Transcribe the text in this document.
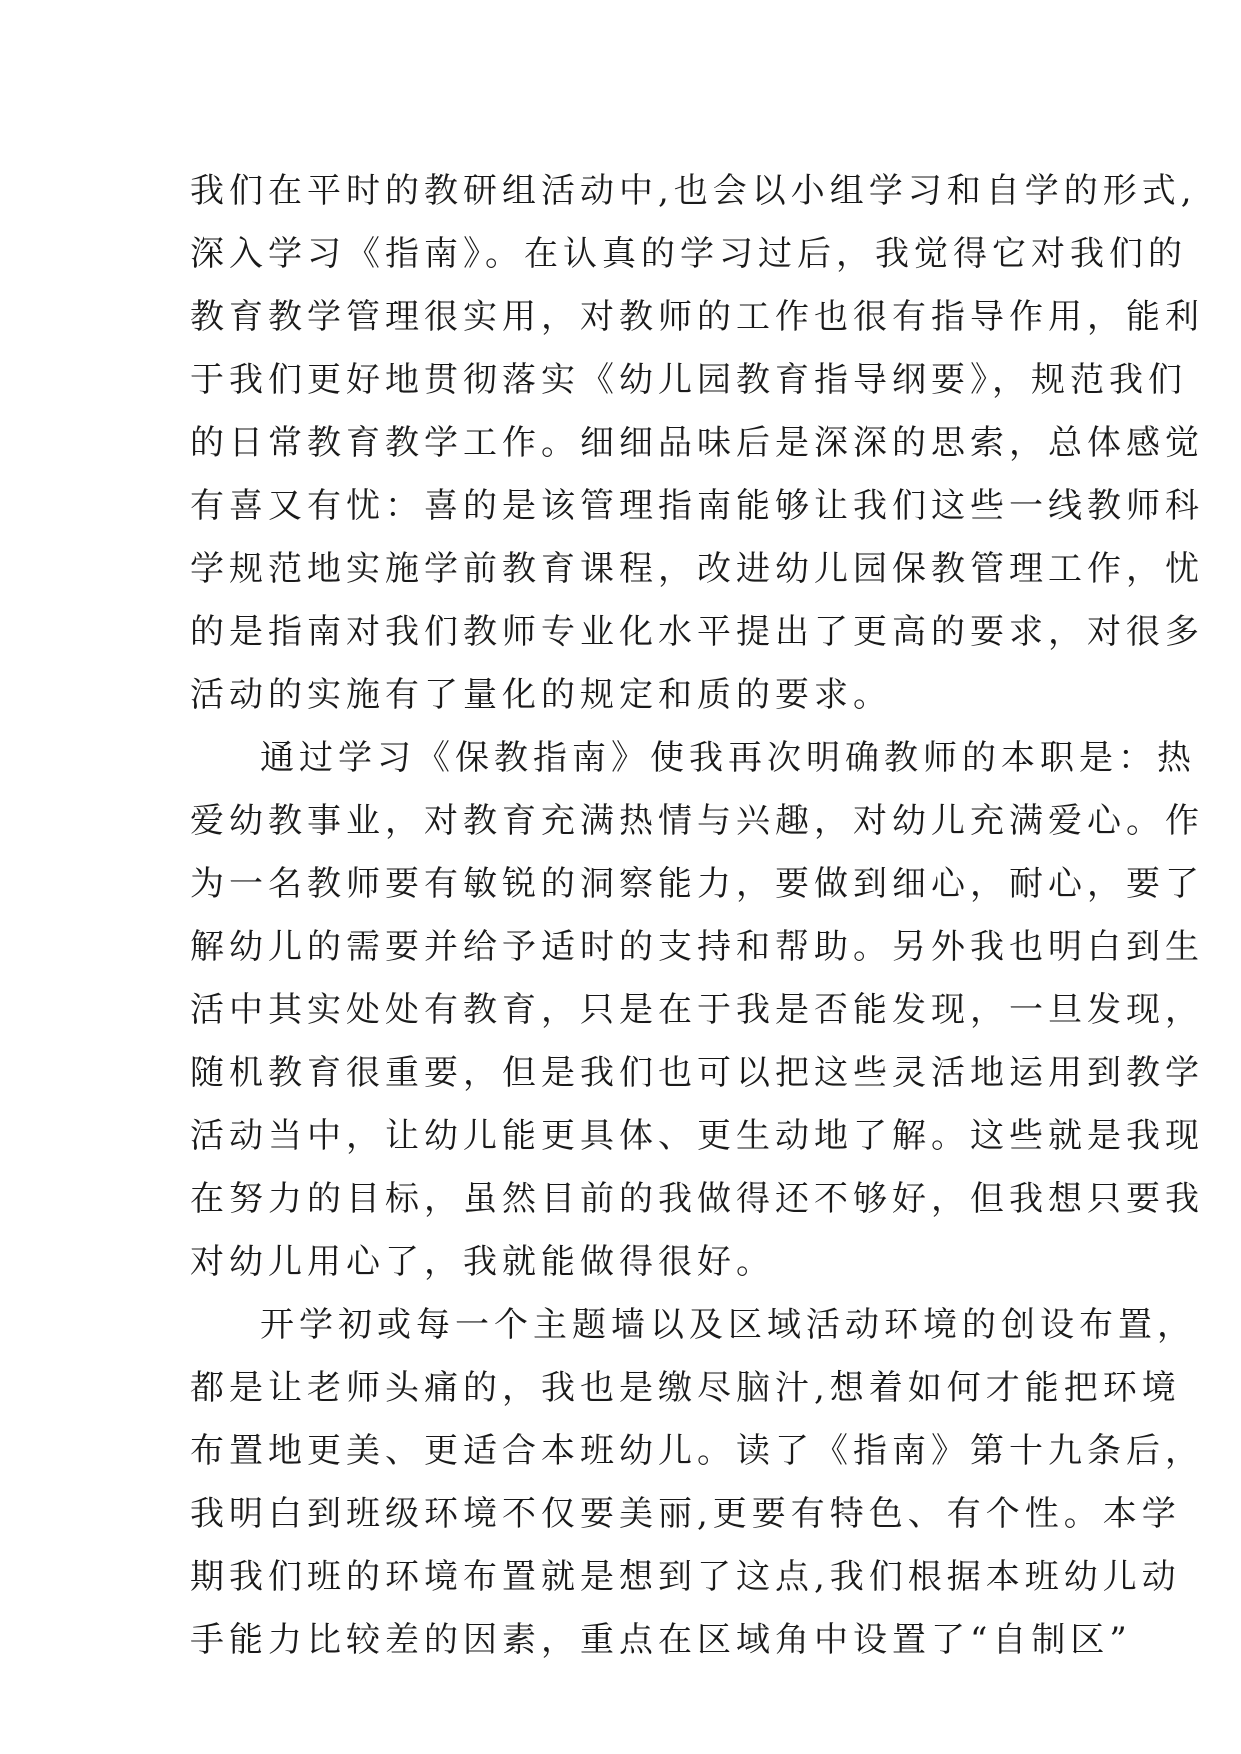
我们在平时的教研组活动中,也会以小组学习和自学的形式,
深入学习《指南》。在认真的学习过后，我觉得它对我们的
教育教学管理很实用，对教师的工作也很有指导作用，能利
于我们更好地贯彻落实《幼儿园教育指导纲要》，规范我们
的日常教育教学工作。细细品味后是深深的思索，总体感觉
有喜又有忧：喜的是该管理指南能够让我们这些一线教师科
学规范地实施学前教育课程，改进幼儿园保教管理工作，忧
的是指南对我们教师专业化水平提出了更高的要求，对很多
活动的实施有了量化的规定和质的要求。
通过学习《保教指南》使我再次明确教师的本职是：热
爱幼教事业，对教育充满热情与兴趣，对幼儿充满爱心。作
为一名教师要有敏锐的洞察能力，要做到细心，耐心，要了
解幼儿的需要并给予适时的支持和帮助。另外我也明白到生
活中其实处处有教育，只是在于我是否能发现，一旦发现，
随机教育很重要，但是我们也可以把这些灵活地运用到教学
活动当中，让幼儿能更具体、更生动地了解。这些就是我现
在努力的目标，虽然目前的我做得还不够好，但我想只要我
对幼儿用心了，我就能做得很好。
开学初或每一个主题墙以及区域活动环境的创设布置，
都是让老师头痛的，我也是缴尽脑汁,想着如何才能把环境
布置地更美、更适合本班幼儿。读了《指南》第十九条后，
我明白到班级环境不仅要美丽,更要有特色、有个性。本学
期我们班的环境布置就是想到了这点,我们根据本班幼儿动
手能力比较差的因素，重点在区域角中设置了“自制区”
